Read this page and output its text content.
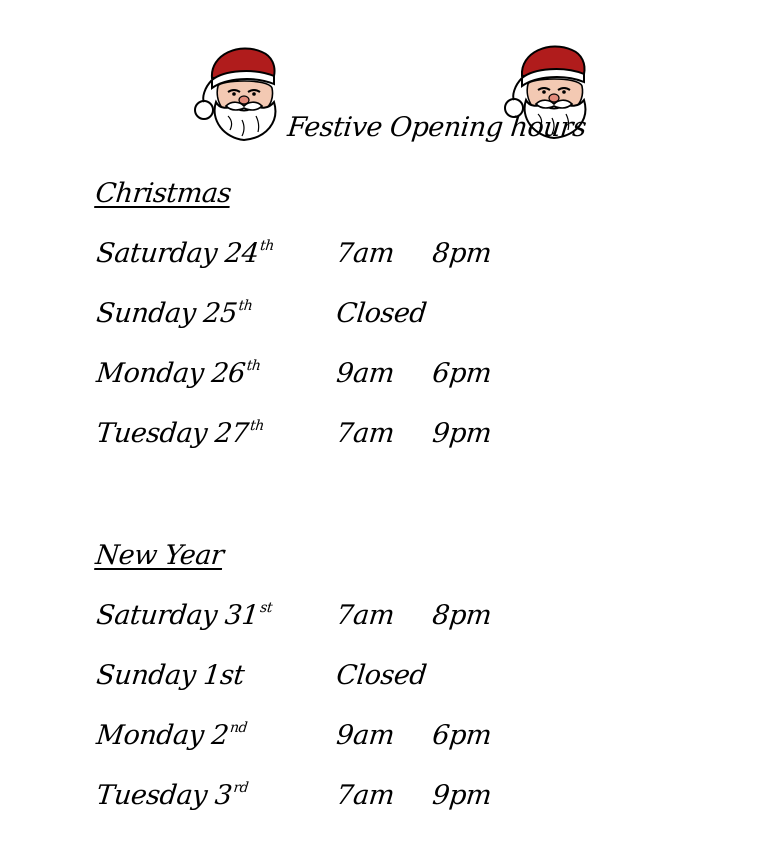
Festive Opening hours
Christmas
Saturday 24th 7am 8pm
Sunday 25th	Closed
Monday 26th	9am 6pm
Tuesday 27th	7am 9pm
New Year
Saturday 31st 7am 8pm
Sunday 1st	Closed
Monday 2nd	9am 6pm
Tuesday 3rd	7am 9pm
